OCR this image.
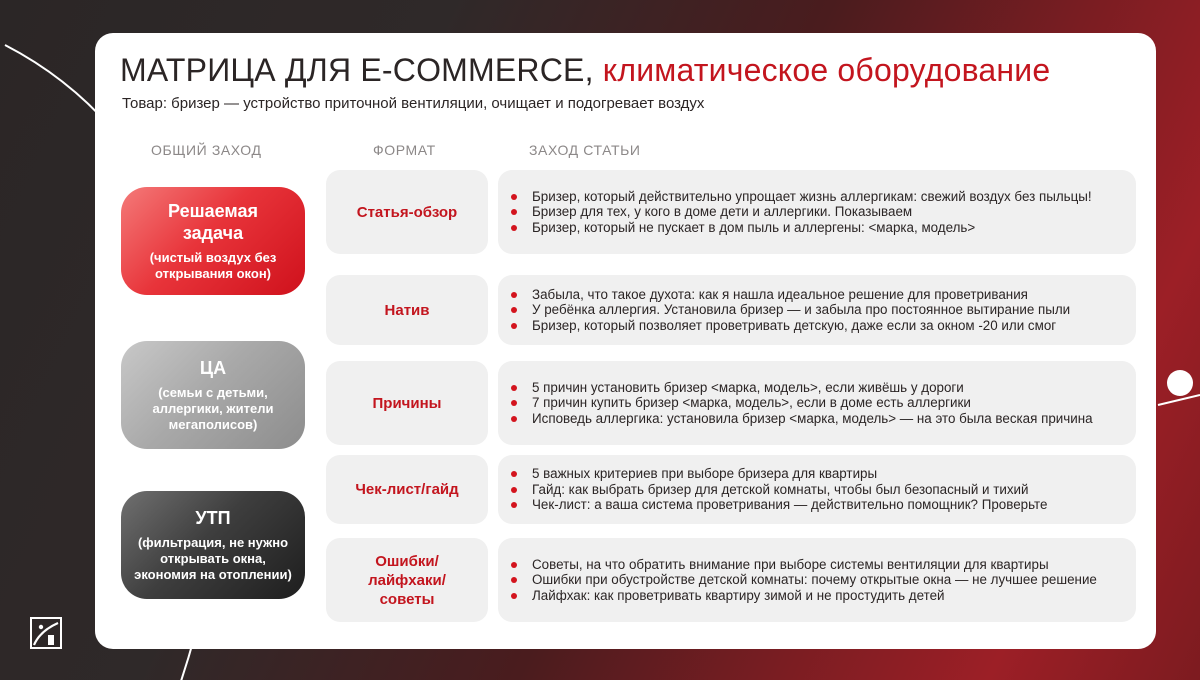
МАТРИЦА ДЛЯ E-COMMERCE, климатическое оборудование
Товар: бризер — устройство приточной вентиляции, очищает и подогревает воздух
ОБЩИЙ ЗАХОД	ФОРМАТ	ЗАХОД СТАТЬИ
Решаемая задача
(чистый воздух без открывания окон)
ЦА
(семьи с детьми, аллергики, жители мегаполисов)
УТП
(фильтрация, не нужно открывать окна, экономия на отоплении)
Статья-обзор
Бризер, который действительно упрощает жизнь аллергикам: свежий воздух без пыльцы!
Бризер для тех, у кого в доме дети и аллергики. Показываем
Бризер, который не пускает в дом пыль и аллергены: <марка, модель>
Натив
Забыла, что такое духота: как я нашла идеальное решение для проветривания
У ребёнка аллергия. Установила бризер — и забыла про постоянное вытирание пыли
Бризер, который позволяет проветривать детскую, даже если за окном -20 или смог
Причины
5 причин установить бризер <марка, модель>, если живёшь у дороги
7 причин купить бризер <марка, модель>, если в доме есть аллергики
Исповедь аллергика: установила бризер <марка, модель> — на это была веская причина
Чек-лист/гайд
5 важных критериев при выборе бризера для квартиры
Гайд: как выбрать бризер для детской комнаты, чтобы был безопасный и тихий
Чек-лист: а ваша система проветривания — действительно помощник? Проверьте
Ошибки/ лайфхаки/ советы
Советы, на что обратить внимание при выборе системы вентиляции для квартиры
Ошибки при обустройстве детской комнаты: почему открытые окна — не лучшее решение
Лайфхак: как проветривать квартиру зимой и не простудить детей
